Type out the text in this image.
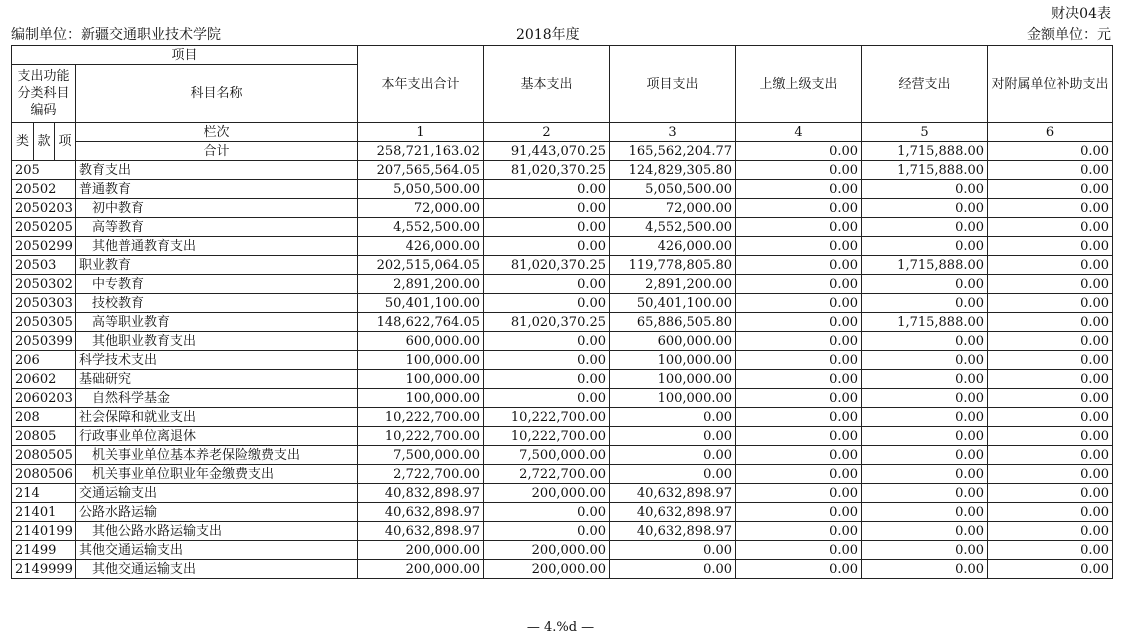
财决04表
编制单位：新疆交通职业技术学院	2018年度	金额单位：元
项目				本年支出合计	基本支出	项目支出	上缴上级支出	经营支出	对附属单位补助支出
支出功能分类科目编码			科目名称						

类	款	项	栏次	1	2	3	4	5	6
			合计	258,721,163.02	91,443,070.25	165,562,204.77	0.00	1,715,888.00	0.00
205			教育支出	207,565,564.05	81,020,370.25	124,829,305.80	0.00	1,715,888.00	0.00
20502			普通教育	5,050,500.00	0.00	5,050,500.00	0.00	0.00	0.00
2050203			初中教育	72,000.00	0.00	72,000.00	0.00	0.00	0.00
2050205			高等教育	4,552,500.00	0.00	4,552,500.00	0.00	0.00	0.00
2050299			其他普通教育支出	426,000.00	0.00	426,000.00	0.00	0.00	0.00
20503			职业教育	202,515,064.05	81,020,370.25	119,778,805.80	0.00	1,715,888.00	0.00
2050302			中专教育	2,891,200.00	0.00	2,891,200.00	0.00	0.00	0.00
2050303			技校教育	50,401,100.00	0.00	50,401,100.00	0.00	0.00	0.00
2050305			高等职业教育	148,622,764.05	81,020,370.25	65,886,505.80	0.00	1,715,888.00	0.00
2050399			其他职业教育支出	600,000.00	0.00	600,000.00	0.00	0.00	0.00
206			科学技术支出	100,000.00	0.00	100,000.00	0.00	0.00	0.00
20602			基础研究	100,000.00	0.00	100,000.00	0.00	0.00	0.00
2060203			自然科学基金	100,000.00	0.00	100,000.00	0.00	0.00	0.00
208			社会保障和就业支出	10,222,700.00	10,222,700.00	0.00	0.00	0.00	0.00
20805			行政事业单位离退休	10,222,700.00	10,222,700.00	0.00	0.00	0.00	0.00
2080505			机关事业单位基本养老保险缴费支出	7,500,000.00	7,500,000.00	0.00	0.00	0.00	0.00
2080506			机关事业单位职业年金缴费支出	2,722,700.00	2,722,700.00	0.00	0.00	0.00	0.00
214			交通运输支出	40,832,898.97	200,000.00	40,632,898.97	0.00	0.00	0.00
21401			公路水路运输	40,632,898.97	0.00	40,632,898.97	0.00	0.00	0.00
2140199			其他公路水路运输支出	40,632,898.97	0.00	40,632,898.97	0.00	0.00	0.00
21499			其他交通运输支出	200,000.00	200,000.00	0.00	0.00	0.00	0.00
2149999			其他交通运输支出	200,000.00	200,000.00	0.00	0.00	0.00	0.00
— 4.%d —
